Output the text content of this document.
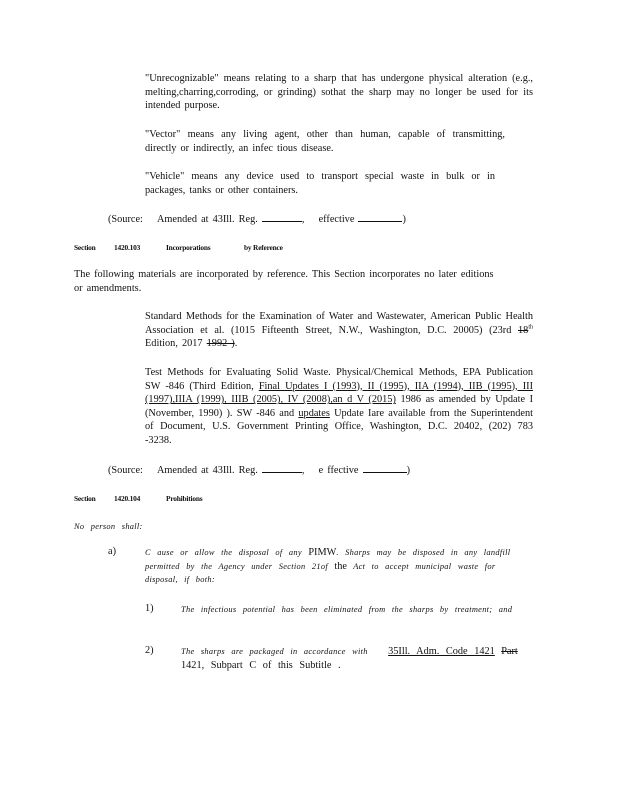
"Unrecognizable" means relating to a sharp that has undergone physical alteration (e.g., melting,charring,corroding, or grinding) sothat the sharp may no longer be used for its intended purpose.
"Vector" means any living agent, other than human, capable of transmitting, directly or indirectly, an infec tious disease.
"Vehicle" means any device used to transport special waste in bulk or in packages, tanks or other containers.
(Source: Amended at 43Ill. Reg.	, effective	)
Section 1420.103	Incorporations	by Reference
The following materials are incorporated by reference. This Section incorporates no later editions or amendments.
Standard Methods for the Examination of Water and Wastewater, American Public Health Association et al. (1015 Fifteenth Street, N.W., Washington, D.C. 20005) (23rd 18th Edition, 2017 1992 ).
Test Methods for Evaluating Solid Waste. Physical/Chemical Methods, EPA Publication SW -846 (Third Edition, Final Updates I (1993), II (1995), IIA (1994), IIB (1995), III (1997),IIIA (1999), IIIB (2005), IV (2008),an d V (2015) 1986 as amended by Update I (November, 1990) ). SW -846 and updates Update Iare available from the Superintendent of Document, U.S. Government Printing Office, Washington, D.C. 20402, (202) 783 -3238.
(Source: Amended at 43Ill. Reg.	, e ffective	)
Section 1420.104	Prohibitions
No person shall:
a)	C ause or allow the disposal of any PIMW. Sharps may be disposed in any landfill permitted by the Agency under Section 21of the Act to accept municipal waste for disposal, if both:
1)	The infectious potential has been eliminated from the sharps by treatment; and
2)	The sharps are packaged in accordance with 35Ill. Adm. Code 1421 Part
1421, Subpart C of this Subtitle .
